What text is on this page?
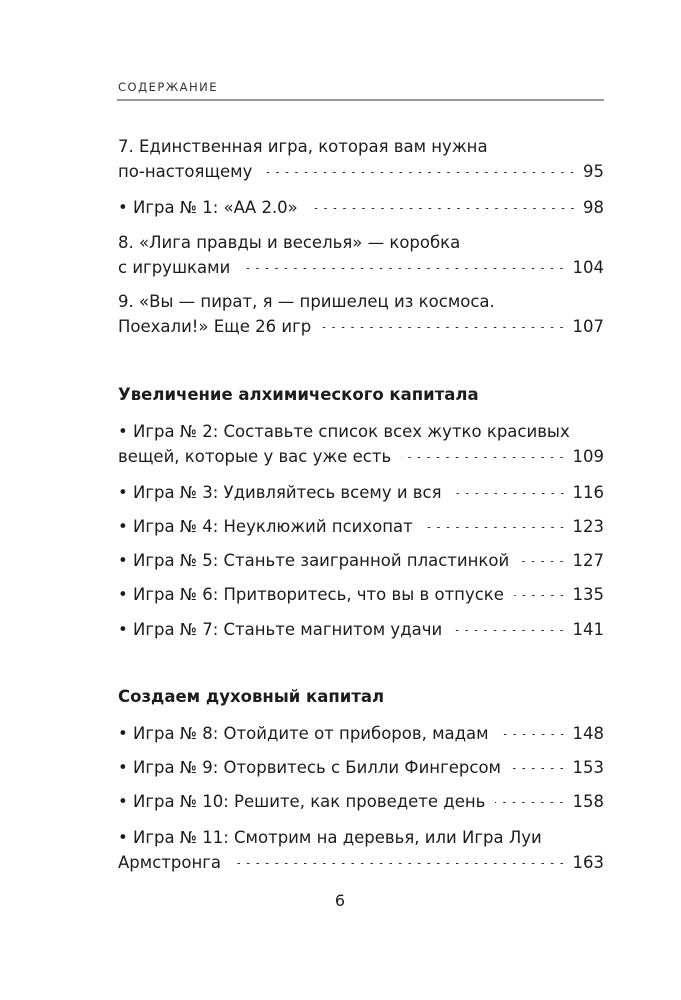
СОДЕРЖАНИЕ
7. Единственная игра, которая вам нужна
по-настоящему	95
• Игра № 1: «АА 2.0»	98
8. «Лига правды и веселья» — коробка
с игрушками	104
9. «Вы — пират, я — пришелец из космоса.
Поехали!» Еще 26 игр	107
Увеличение алхимического капитала
• Игра № 2: Составьте список всех жутко красивых
вещей, которые у вас уже есть	109
• Игра № 3: Удивляйтесь всему и вся	116
• Игра № 4: Неуклюжий психопат	123
• Игра № 5: Станьте заигранной пластинкой	127
• Игра № 6: Притворитесь, что вы в отпуске	135
• Игра № 7: Станьте магнитом удачи	141
Создаем духовный капитал
• Игра № 8: Отойдите от приборов, мадам	148
• Игра № 9: Оторвитесь с Билли Фингерсом	153
• Игра № 10: Решите, как проведете день	158
• Игра № 11: Смотрим на деревья, или Игра Луи
Армстронга	163
6
